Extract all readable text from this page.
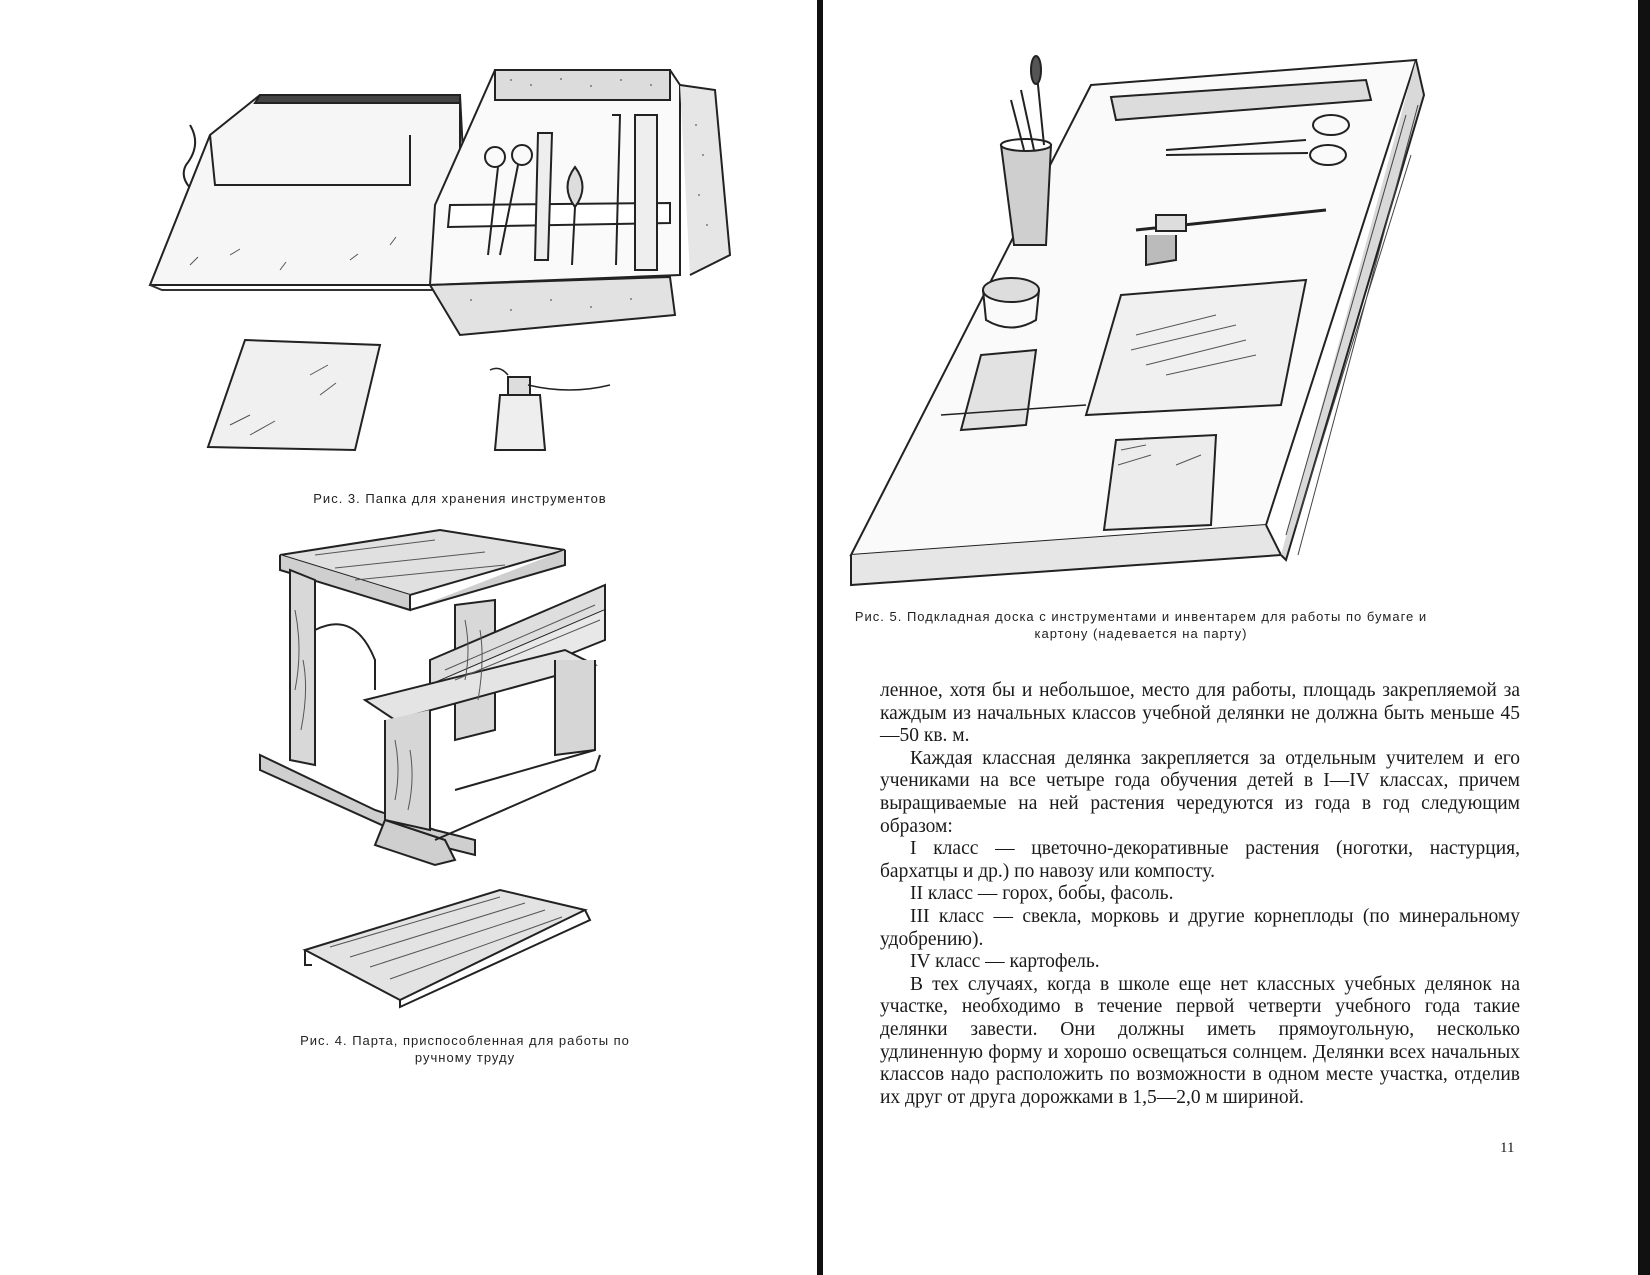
Рис. 3. Папка для хранения инструментов
Рис. 4. Парта, приспособленная для работы по ручному труду
Рис. 5. Подкладная доска с инструментами и инвентарем для работы по бумаге и картону (надевается на парту)
11

ленное, хотя бы и небольшое, место для работы, площадь закрепляемой за каждым из начальных классов учебной делянки не должна быть меньше 45—50 кв. м.

Каждая классная делянка закрепляется за отдельным учителем и его учениками на все четыре года обучения детей в I—IV классах, причем выращиваемые на ней растения чередуются из года в год следующим образом:

I класс — цветочно-декоративные растения (ноготки, настурция, бархатцы и др.) по навозу или компосту.

II класс — горох, бобы, фасоль.

III класс — свекла, морковь и другие корнеплоды (по минеральному удобрению).

IV класс — картофель.

В тех случаях, когда в школе еще нет классных учебных делянок на участке, необходимо в течение первой четверти учебного года такие делянки завести. Они должны иметь прямоугольную, несколько удлиненную форму и хорошо освещаться солнцем. Делянки всех начальных классов надо расположить по возможности в одном месте участка, отделив их друг от друга дорожками в 1,5—2,0 м шириной.
